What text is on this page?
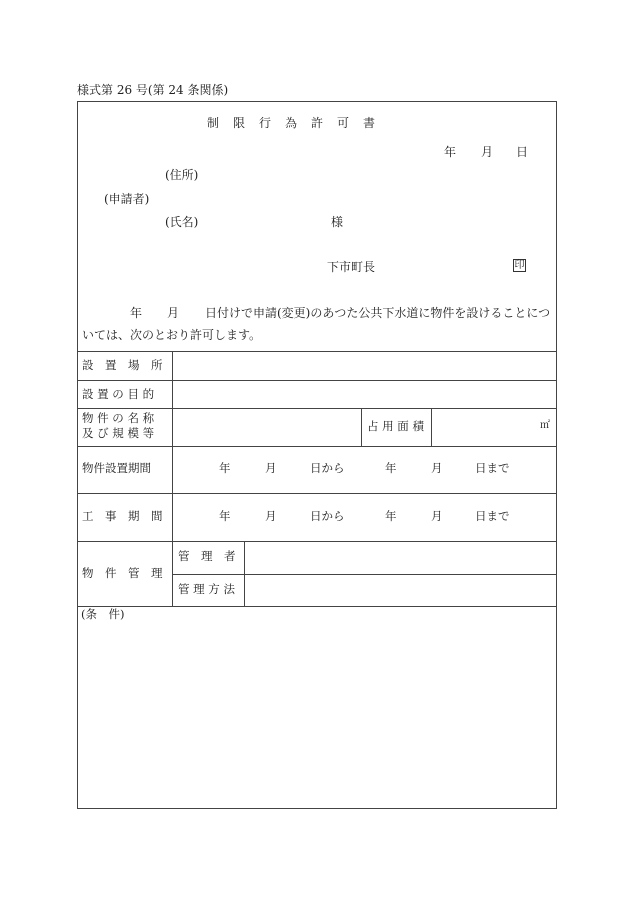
様式第 26 号(第 24 条関係)
制　限　行　為　許　可　書
年 月 日
(住所)
(申請者)
(氏名)	様
下市町長	印
年 月 日付けで申請(変更)のあつた公共下水道に物件を設けることにつ
いては、次のとおり許可します。
設　置　場　所
設 置 の 目 的
物 件 の 名 称
及 び 規 模 等	占 用 面 積	㎡
物件設置期間	年	月	日から	年	月	日まで
工　事　期　間	年	月	日から	年	月	日まで
物　件　管　理
管　理　者
管 理 方 法
(条　件)
